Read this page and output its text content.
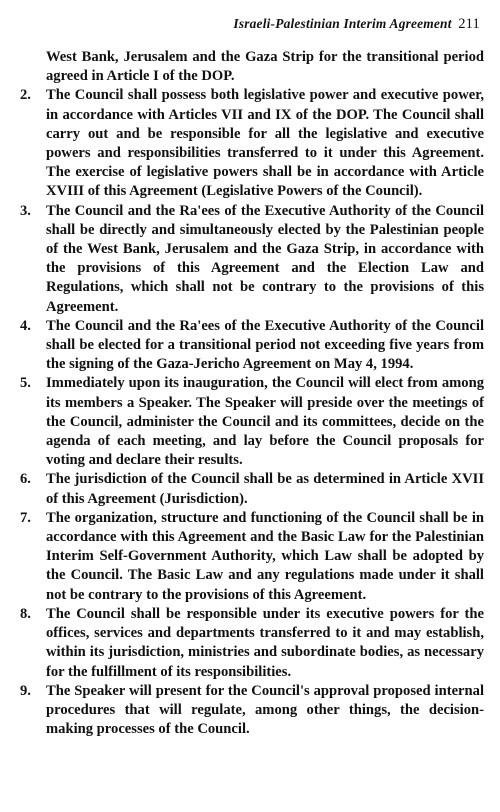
Israeli-Palestinian Interim Agreement 211

West Bank, Jerusalem and the Gaza Strip for the transitional period agreed in Article I of the DOP.

2.	The Council shall possess both legislative power and executive power, in accordance with Articles VII and IX of the DOP. The Council shall carry out and be responsible for all the legislative and executive powers and responsibilities transferred to it under this Agreement. The exercise of legislative powers shall be in accordance with Article XVIII of this Agreement (Legislative Powers of the Council).
3.	The Council and the Ra'ees of the Executive Authority of the Council shall be directly and simultaneously elected by the Palestinian people of the West Bank, Jerusalem and the Gaza Strip, in accordance with the provisions of this Agreement and the Election Law and Regulations, which shall not be contrary to the provisions of this Agreement.
4.	The Council and the Ra'ees of the Executive Authority of the Council shall be elected for a transitional period not exceeding five years from the signing of the Gaza-Jericho Agreement on May 4, 1994.
5.	Immediately upon its inauguration, the Council will elect from among its members a Speaker. The Speaker will preside over the meetings of the Council, administer the Council and its committees, decide on the agenda of each meeting, and lay before the Council proposals for voting and declare their results.
6.	The jurisdiction of the Council shall be as determined in Article XVII of this Agreement (Jurisdiction).
7.	The organization, structure and functioning of the Council shall be in accordance with this Agreement and the Basic Law for the Palestinian Interim Self-Government Authority, which Law shall be adopted by the Council. The Basic Law and any regulations made under it shall not be contrary to the provisions of this Agreement.
8.	The Council shall be responsible under its executive powers for the offices, services and departments transferred to it and may establish, within its jurisdiction, ministries and subordinate bodies, as necessary for the fulfillment of its responsibilities.
9.	The Speaker will present for the Council's approval proposed internal procedures that will regulate, among other things, the decision-making processes of the Council.
